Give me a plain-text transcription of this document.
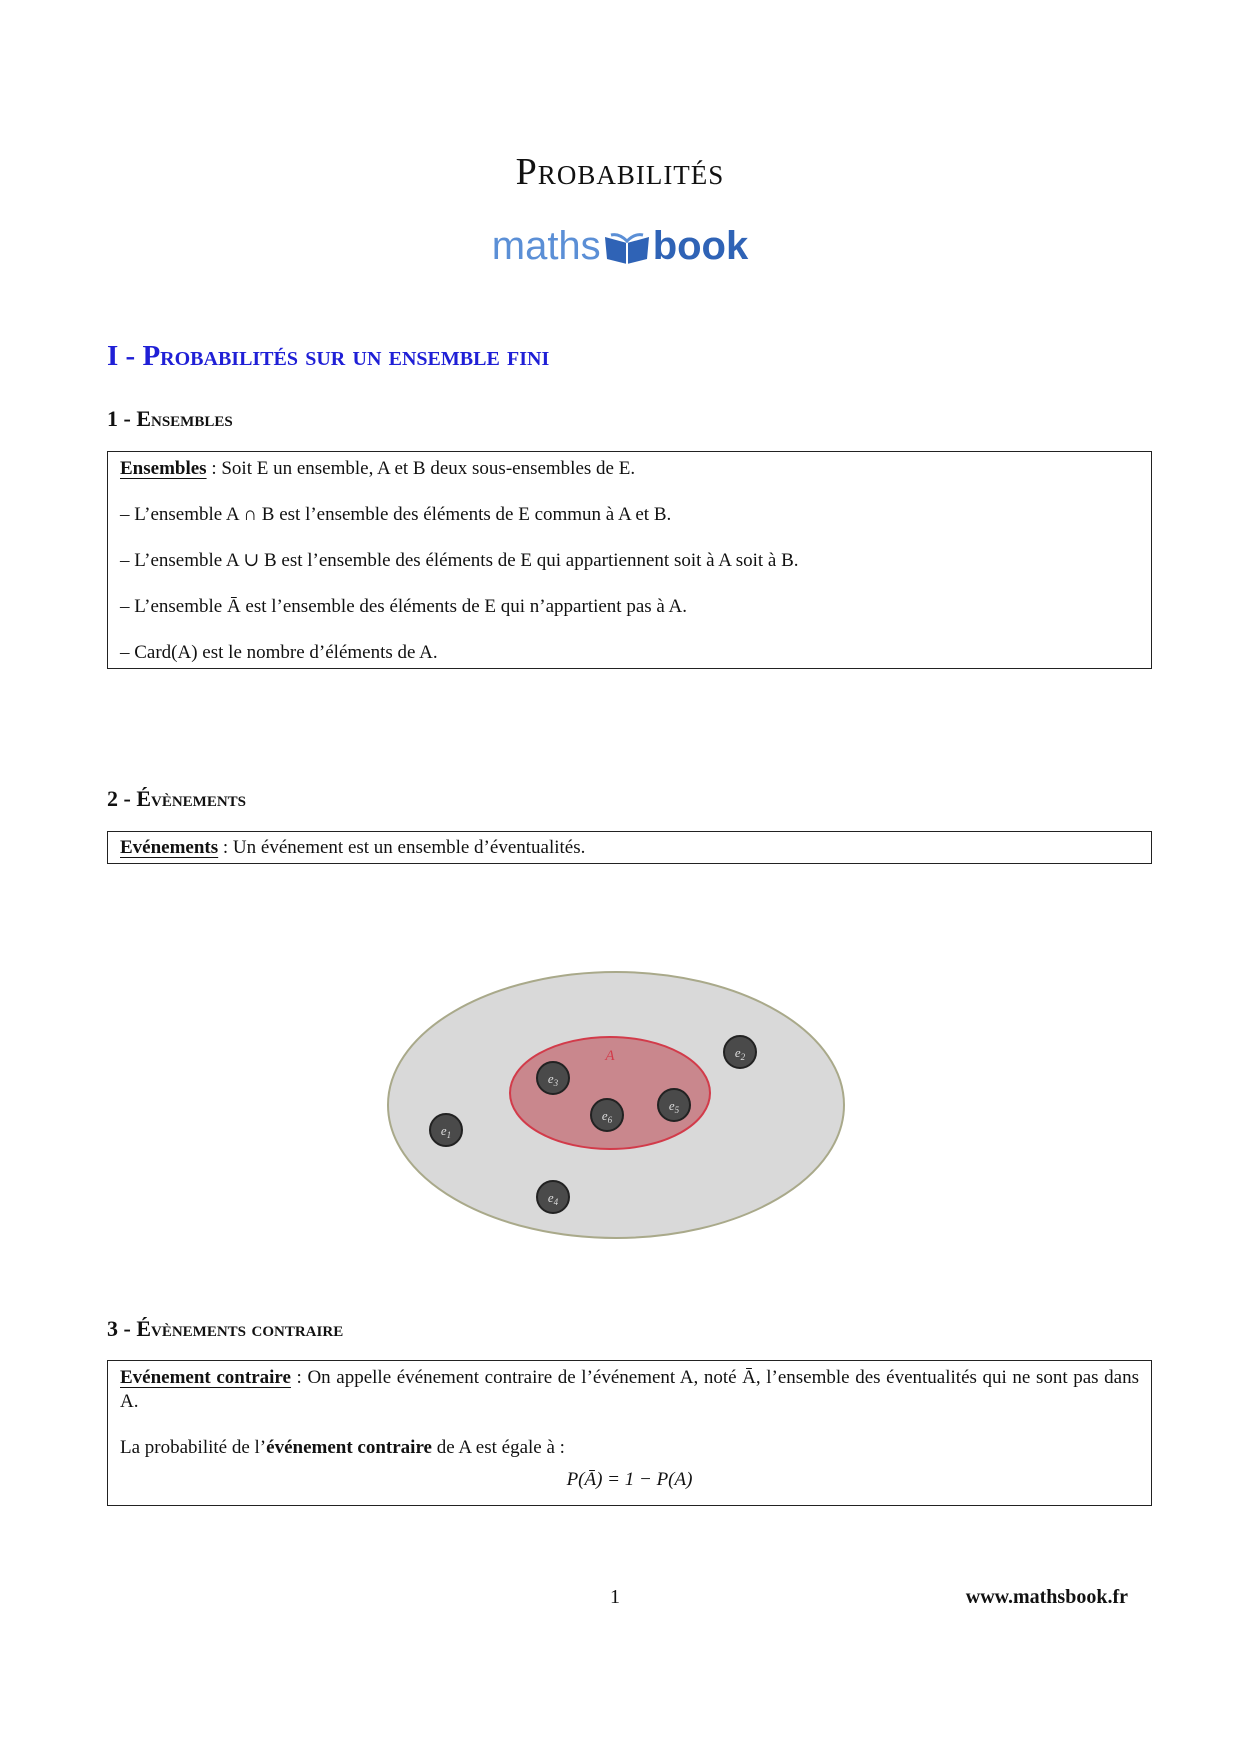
Probabilités
maths book
I - Probabilités sur un ensemble fini
1 - Ensembles

Ensembles : Soit E un ensemble, A et B deux sous-ensembles de E.

– L’ensemble A ∩ B est l’ensemble des éléments de E commun à A et B.

– L’ensemble A ∪ B est l’ensemble des éléments de E qui appartiennent soit à A soit à B.

– L’ensemble Ā est l’ensemble des éléments de E qui n’appartient pas à A.

– Card(A) est le nombre d’éléments de A.

2 - Évènements

Evénements : Un événement est un ensemble d’éventualités.

A
$e_1$
$e_2$
$e_3$
$e_4$
$e_5$
$e_6$
3 - Évènements contraire

Evénement contraire : On appelle événement contraire de l’événement A, noté Ā, l’ensemble des éventualités qui ne sont pas dans A.

La probabilité de l’événement contraire de A est égale à :

P(Ā) = 1 − P(A)

1	www.mathsbook.fr
